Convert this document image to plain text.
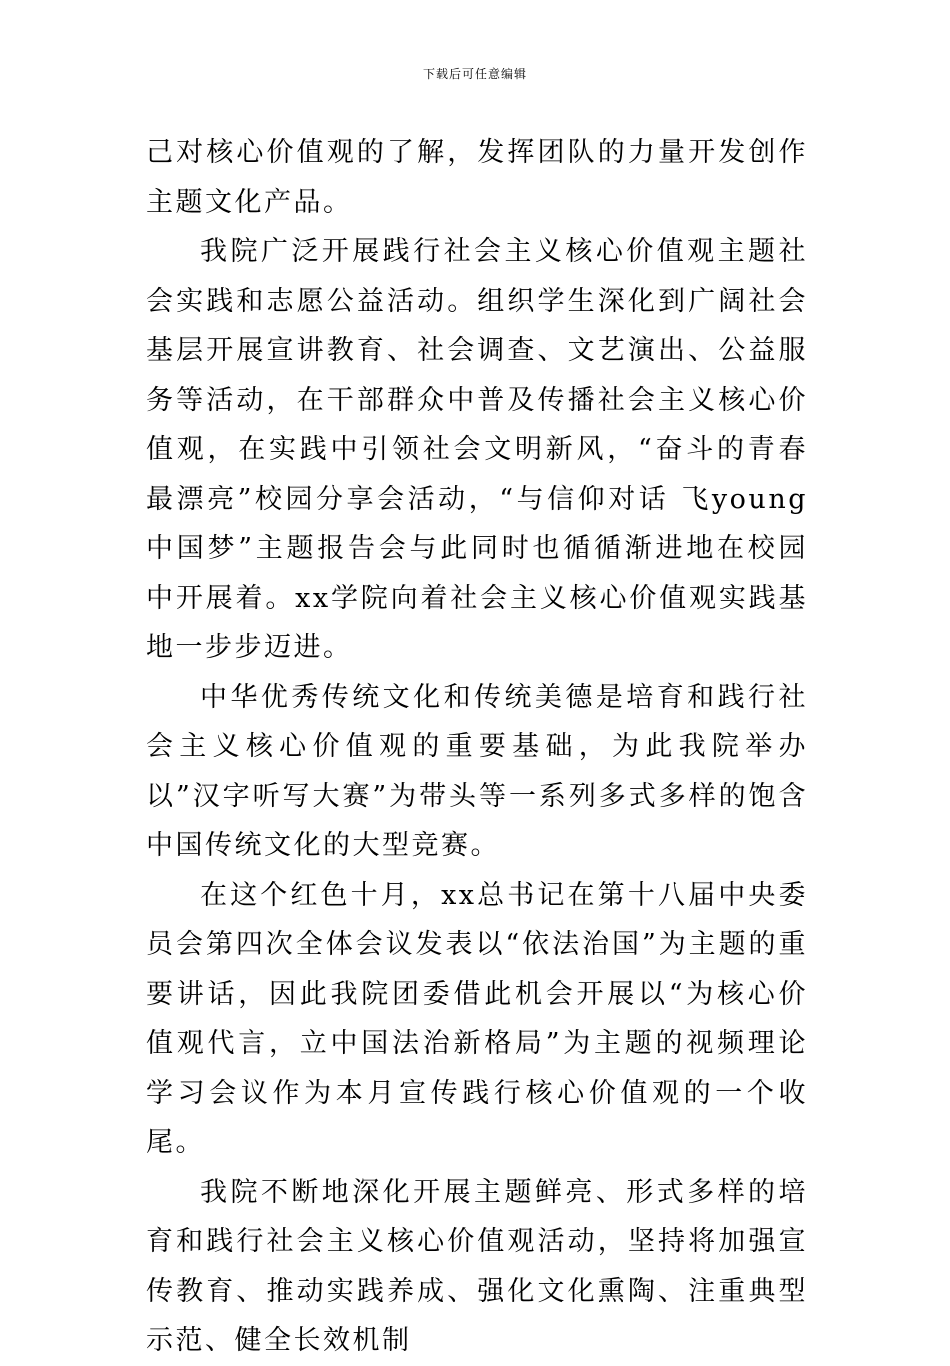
下载后可任意编辑

己对核心价值观的了解，发挥团队的力量开发创作主题文化产品。

我院广泛开展践行社会主义核心价值观主题社会实践和志愿公益活动。组织学生深化到广阔社会基层开展宣讲教育、社会调查、文艺演出、公益服务等活动，在干部群众中普及传播社会主义核心价值观，在实践中引领社会文明新风，“奋斗的青春最漂亮”校园分享会活动，“与信仰对话 飞young中国梦”主题报告会与此同时也循循渐进地在校园中开展着。xx学院向着社会主义核心价值观实践基地一步步迈进。

中华优秀传统文化和传统美德是培育和践行社会主义核心价值观的重要基础，为此我院举办以”汉字听写大赛”为带头等一系列多式多样的饱含中国传统文化的大型竞赛。

在这个红色十月，xx总书记在第十八届中央委员会第四次全体会议发表以“依法治国”为主题的重要讲话，因此我院团委借此机会开展以“为核心价值观代言，立中国法治新格局”为主题的视频理论学习会议作为本月宣传践行核心价值观的一个收尾。

我院不断地深化开展主题鲜亮、形式多样的培育和践行社会主义核心价值观活动，坚持将加强宣传教育、推动实践养成、强化文化熏陶、注重典型示范、健全长效机制
